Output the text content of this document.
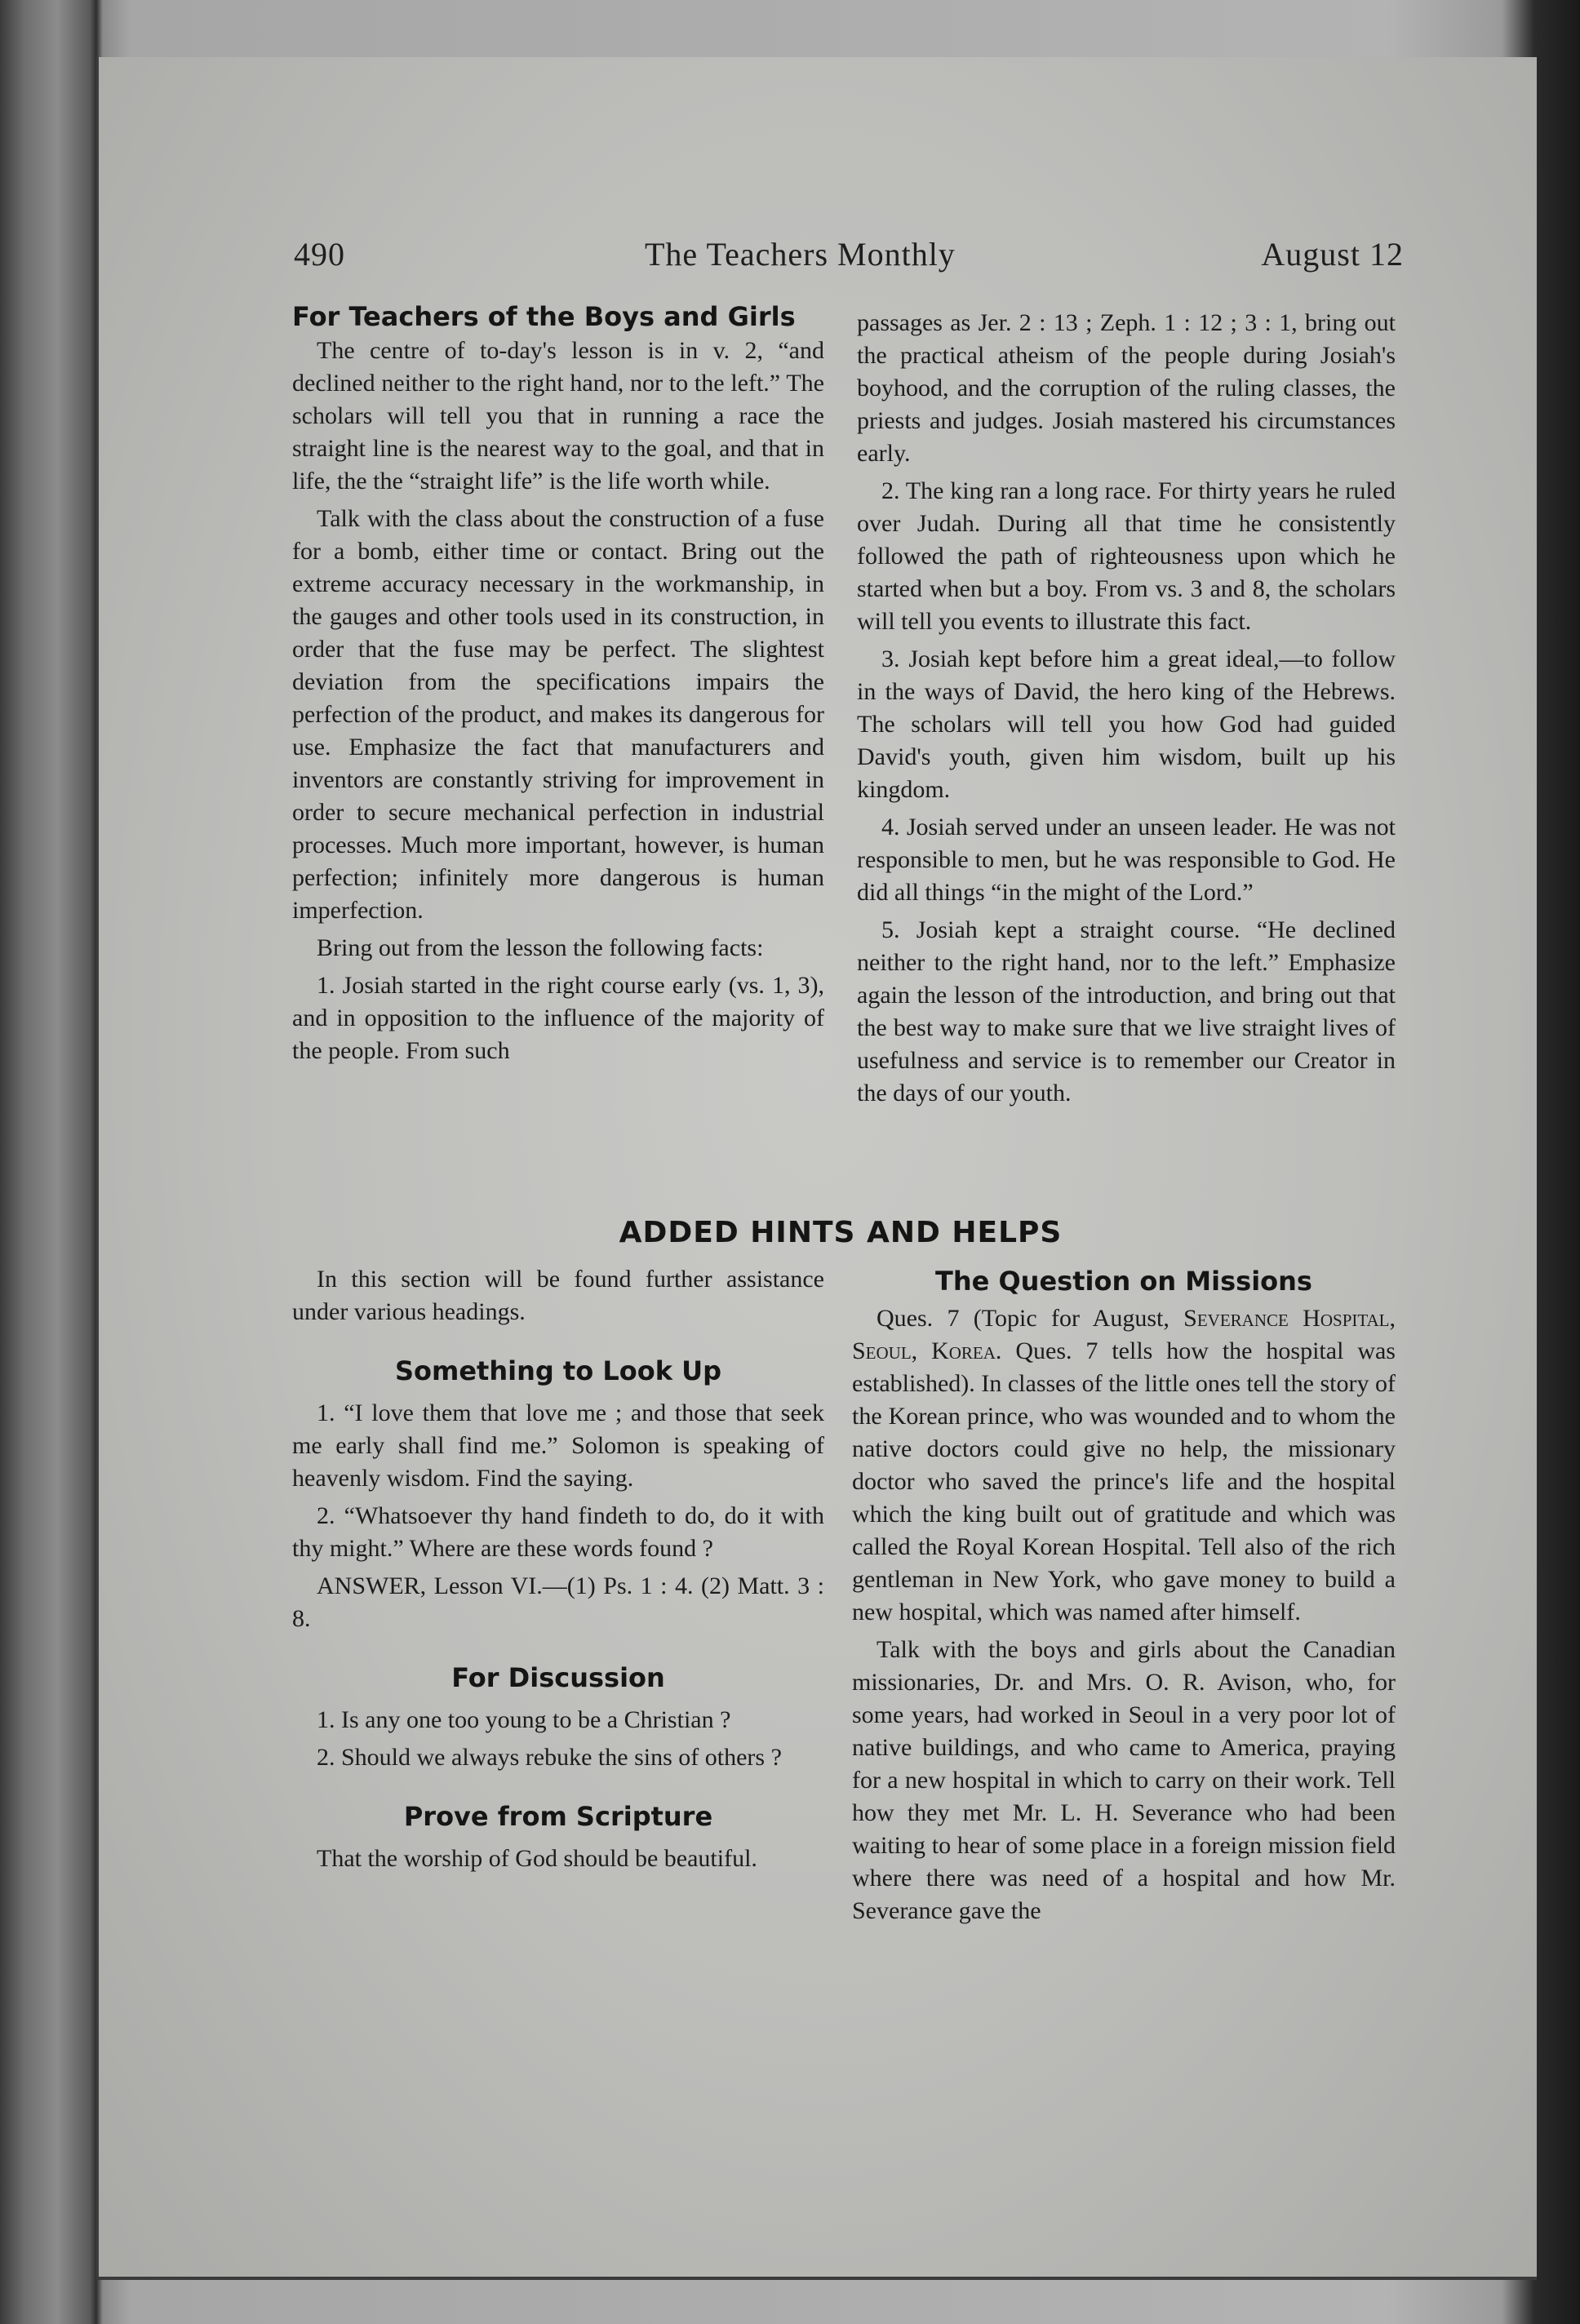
490	The Teachers Monthly	August 12
For Teachers of the Boys and Girls

The centre of to-day's lesson is in v. 2, “and declined neither to the right hand, nor to the left.” The scholars will tell you that in running a race the straight line is the nearest way to the goal, and that in life, the the “straight life” is the life worth while.

Talk with the class about the construction of a fuse for a bomb, either time or contact. Bring out the extreme accuracy necessary in the workmanship, in the gauges and other tools used in its construction, in order that the fuse may be perfect. The slightest deviation from the specifications impairs the perfection of the product, and makes its dangerous for use. Emphasize the fact that manufacturers and inventors are constantly striving for improvement in order to secure mechanical perfection in industrial processes. Much more important, however, is human perfection; infinitely more dangerous is human imperfection.

Bring out from the lesson the following facts:

1. Josiah started in the right course early (vs. 1, 3), and in opposition to the influence of the majority of the people. From such

passages as Jer. 2 : 13 ; Zeph. 1 : 12 ; 3 : 1, bring out the practical atheism of the people during Josiah's boyhood, and the corruption of the ruling classes, the priests and judges. Josiah mastered his circumstances early.

2. The king ran a long race. For thirty years he ruled over Judah. During all that time he consistently followed the path of righteousness upon which he started when but a boy. From vs. 3 and 8, the scholars will tell you events to illustrate this fact.

3. Josiah kept before him a great ideal,—to follow in the ways of David, the hero king of the Hebrews. The scholars will tell you how God had guided David's youth, given him wisdom, built up his kingdom.

4. Josiah served under an unseen leader. He was not responsible to men, but he was responsible to God. He did all things “in the might of the Lord.”

5. Josiah kept a straight course. “He declined neither to the right hand, nor to the left.” Emphasize again the lesson of the introduction, and bring out that the best way to make sure that we live straight lives of usefulness and service is to remember our Creator in the days of our youth.

ADDED HINTS AND HELPS

In this section will be found further assistance under various headings.

Something to Look Up

1. “I love them that love me ; and those that seek me early shall find me.” Solomon is speaking of heavenly wisdom. Find the saying.

2. “Whatsoever thy hand findeth to do, do it with thy might.” Where are these words found ?

ANSWER, Lesson VI.—(1) Ps. 1 : 4. (2) Matt. 3 : 8.

For Discussion

1. Is any one too young to be a Christian ?

2. Should we always rebuke the sins of others ?

Prove from Scripture

That the worship of God should be beautiful.

The Question on Missions

Ques. 7 (Topic for August, Severance Hospital, Seoul, Korea. Ques. 7 tells how the hospital was established). In classes of the little ones tell the story of the Korean prince, who was wounded and to whom the native doctors could give no help, the missionary doctor who saved the prince's life and the hospital which the king built out of gratitude and which was called the Royal Korean Hospital. Tell also of the rich gentleman in New York, who gave money to build a new hospital, which was named after himself.

Talk with the boys and girls about the Canadian missionaries, Dr. and Mrs. O. R. Avison, who, for some years, had worked in Seoul in a very poor lot of native buildings, and who came to America, praying for a new hospital in which to carry on their work. Tell how they met Mr. L. H. Severance who had been waiting to hear of some place in a foreign mission field where there was need of a hospital and how Mr. Severance gave the
